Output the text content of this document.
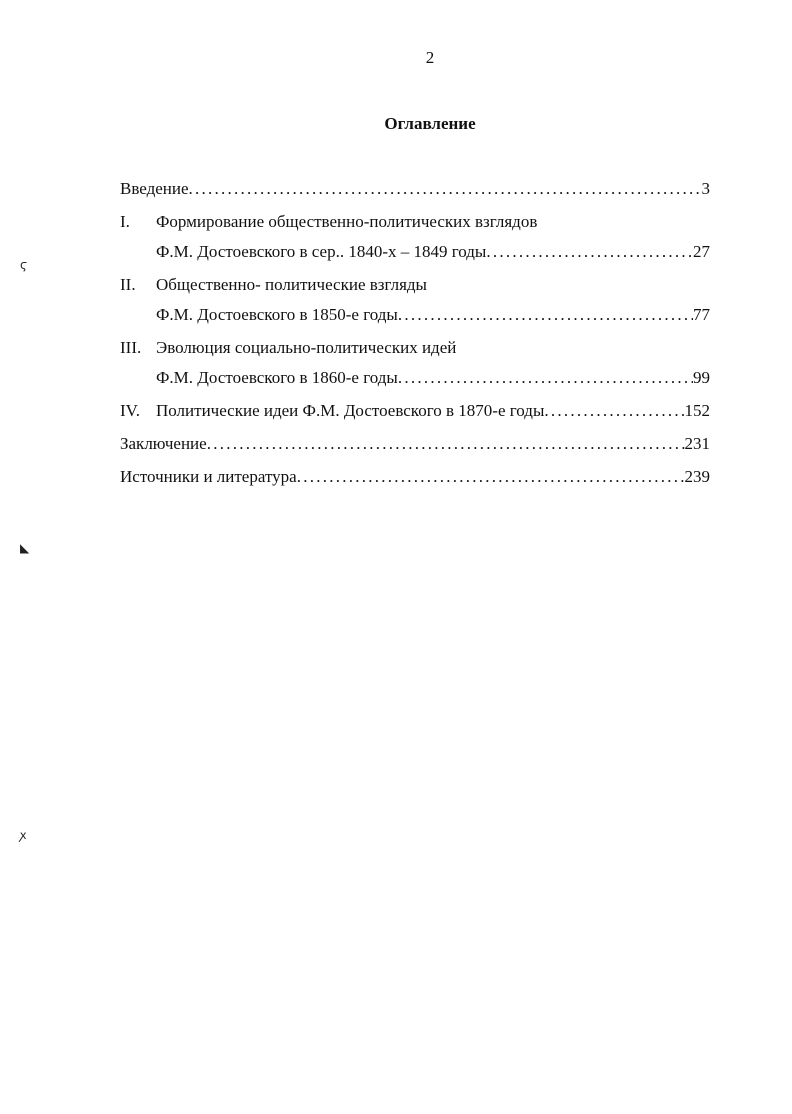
2
Оглавление
Введение . . .	3
I.	Формирование общественно-политических взглядов
Ф.М. Достоевского в сер.. 1840-х – 1849 годы . . .	27
II.	Общественно- политические взгляды
Ф.М. Достоевского в 1850-е годы . . .	77
III. Эволюция социально-политических идей
Ф.М. Достоевского в 1860-е годы . . .	99
IV. Политические идеи Ф.М. Достоевского в 1870-е годы . . .	152
Заключение . . .	231
Источники и литература . . .	239
ϛ
◣
ꭗ
